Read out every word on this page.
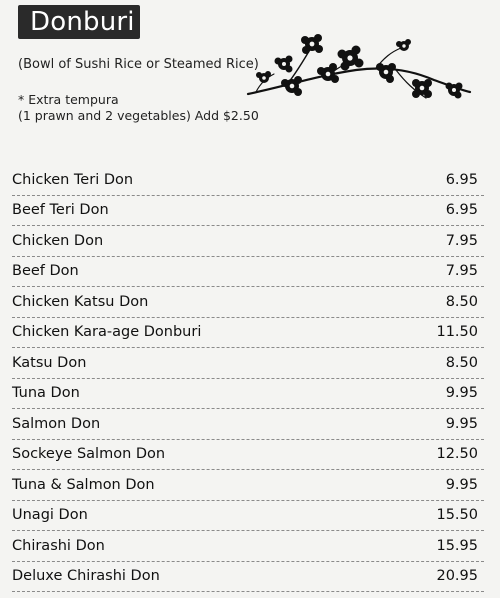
Donburi
(Bowl of Sushi Rice or Steamed Rice)
* Extra tempura
(1 prawn and 2 vegetables) Add $2.50
Chicken Teri Don	6.95
Beef Teri Don	6.95
Chicken Don	7.95
Beef Don	7.95
Chicken Katsu Don	8.50
Chicken Kara-age Donburi	11.50
Katsu Don	8.50
Tuna Don	9.95
Salmon Don	9.95
Sockeye Salmon Don	12.50
Tuna & Salmon Don	9.95
Unagi Don	15.50
Chirashi Don	15.95
Deluxe Chirashi Don	20.95
